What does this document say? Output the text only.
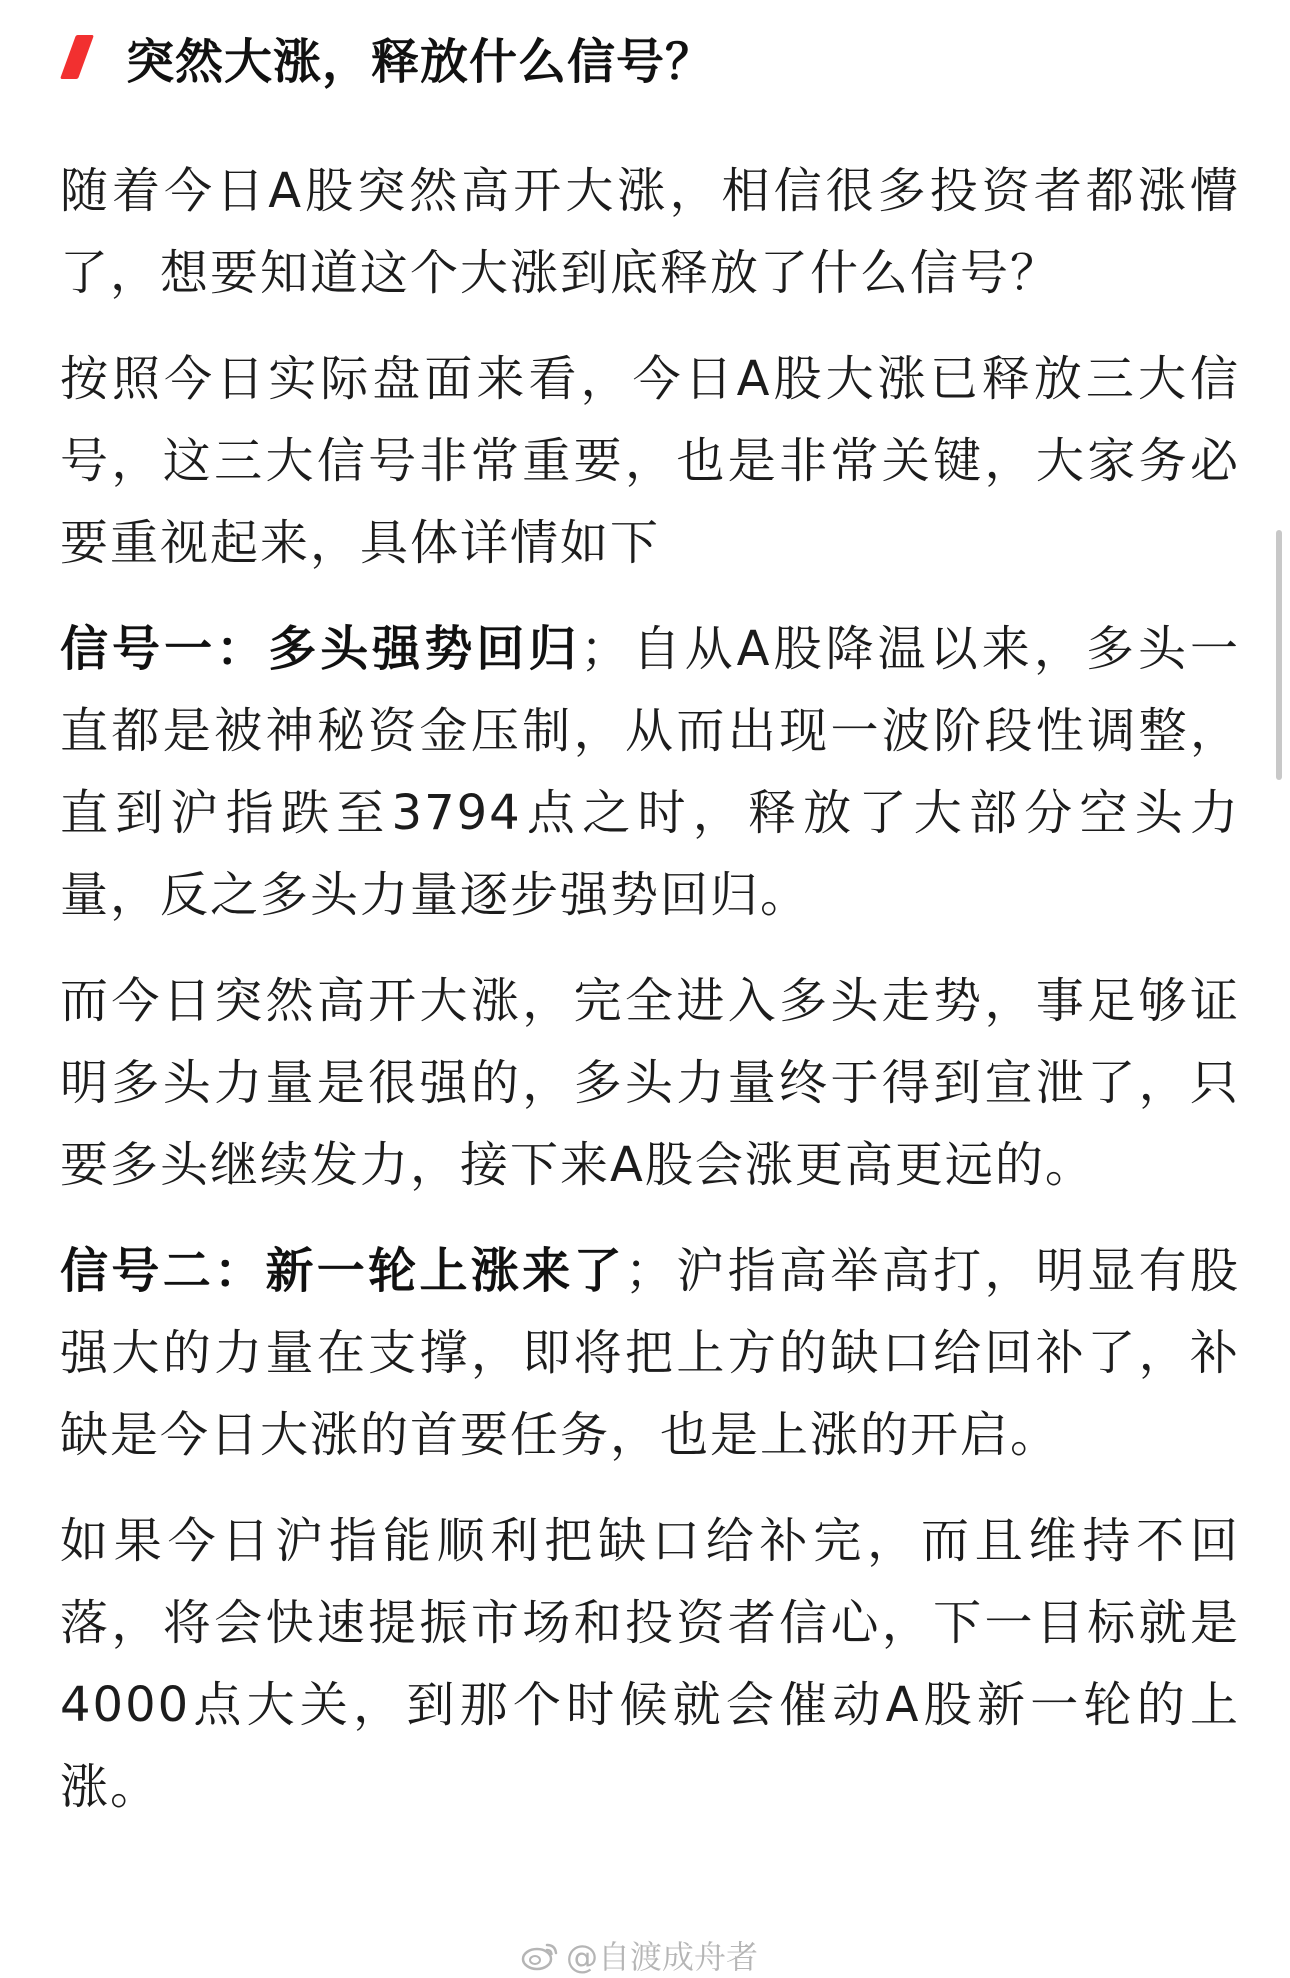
突然大涨，释放什么信号？

随着今日A股突然高开大涨，相信很多投资者都涨懵了，想要知道这个大涨到底释放了什么信号？

按照今日实际盘面来看，今日A股大涨已释放三大信号，这三大信号非常重要，也是非常关键，大家务必要重视起来，具体详情如下

信号一：多头强势回归；自从A股降温以来，多头一直都是被神秘资金压制，从而出现一波阶段性调整，直到沪指跌至3794点之时，释放了大部分空头力量，反之多头力量逐步强势回归。

而今日突然高开大涨，完全进入多头走势，事足够证明多头力量是很强的，多头力量终于得到宣泄了，只要多头继续发力，接下来A股会涨更高更远的。

信号二：新一轮上涨来了；沪指高举高打，明显有股强大的力量在支撑，即将把上方的缺口给回补了，补缺是今日大涨的首要任务，也是上涨的开启。

如果今日沪指能顺利把缺口给补完，而且维持不回落，将会快速提振市场和投资者信心，下一目标就是4000点大关，到那个时候就会催动A股新一轮的上涨。

@自渡成舟者
